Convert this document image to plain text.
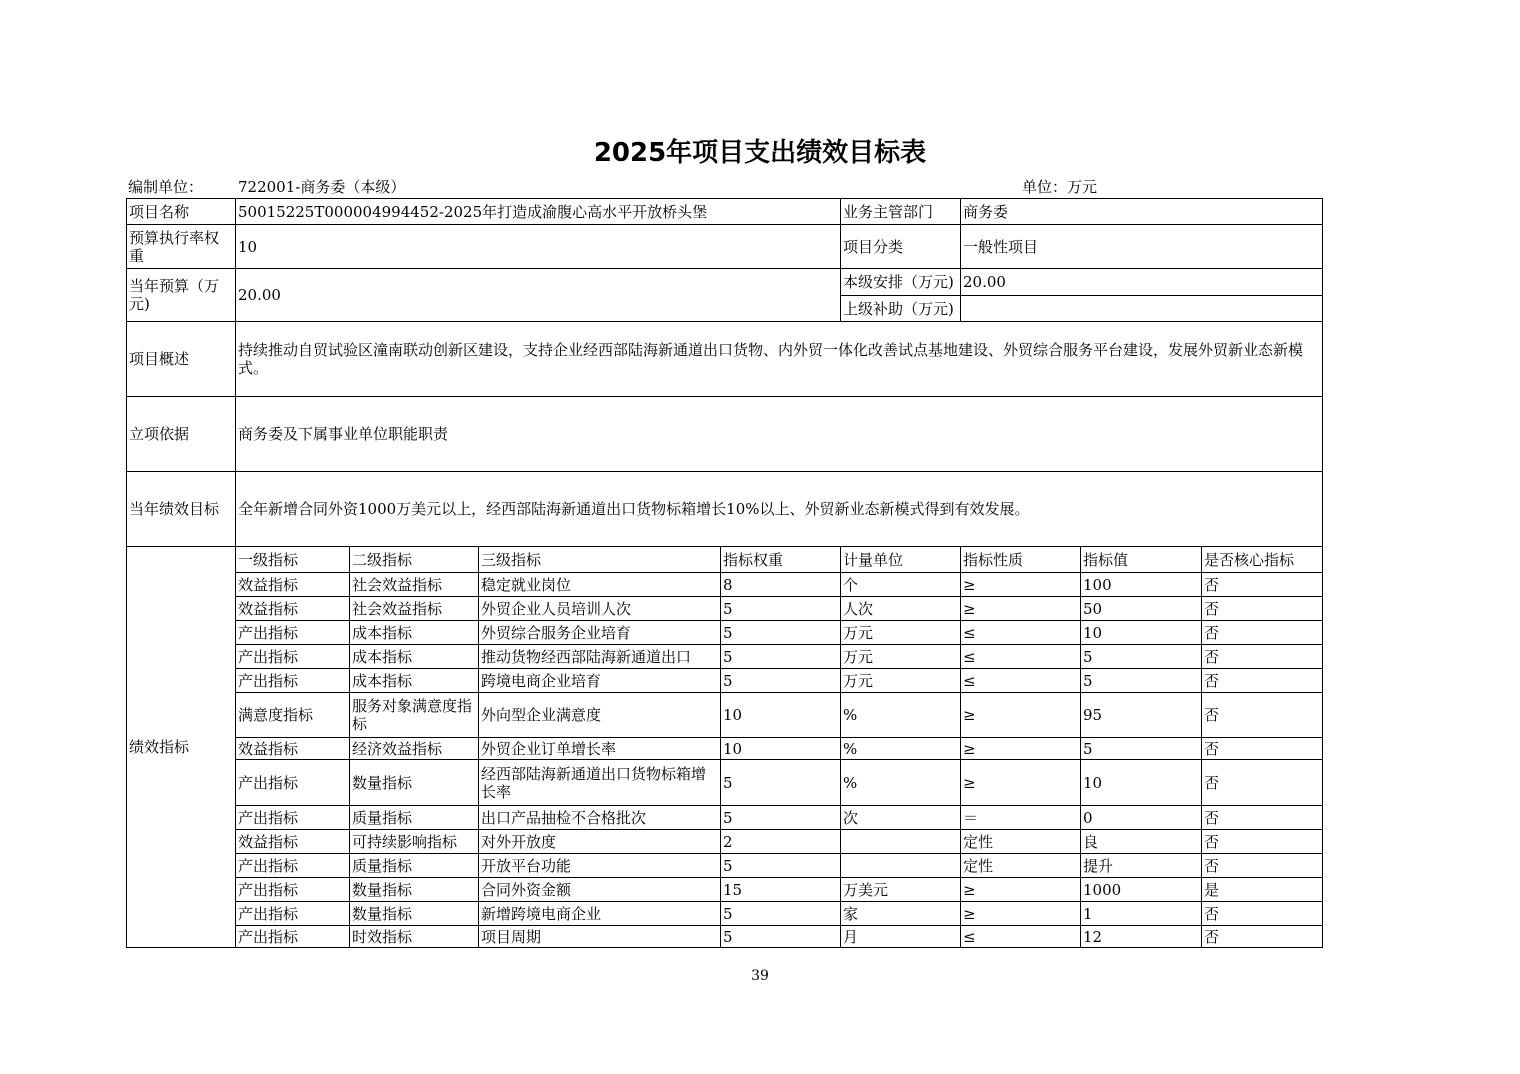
2025年项目支出绩效目标表
编制单位： 722001-商务委（本级）	单位：万元
项目名称	50015225T000004994452-2025年打造成渝腹心高水平开放桥头堡				业务主管部门	商务委		
预算执行率权重	10				项目分类	一般性项目		
当年预算（万元)	20.00				本级安排（万元)	20.00		
					上级补助（万元)			
项目概述	持续推动自贸试验区潼南联动创新区建设，支持企业经西部陆海新通道出口货物、内外贸一体化改善试点基地建设、外贸综合服务平台建设，发展外贸新业态新模式。							
立项依据	商务委及下属事业单位职能职责							
当年绩效目标	全年新增合同外资1000万美元以上，经西部陆海新通道出口货物标箱增长10%以上、外贸新业态新模式得到有效发展。							
绩效指标	一级指标	二级指标	三级指标	指标权重	计量单位	指标性质	指标值	是否核心指标
	效益指标	社会效益指标	稳定就业岗位	8	个	≥	100	否
	效益指标	社会效益指标	外贸企业人员培训人次	5	人次	≥	50	否
	产出指标	成本指标	外贸综合服务企业培育	5	万元	≤	10	否
	产出指标	成本指标	推动货物经西部陆海新通道出口	5	万元	≤	5	否
	产出指标	成本指标	跨境电商企业培育	5	万元	≤	5	否
	满意度指标	服务对象满意度指标	外向型企业满意度	10	%	≥	95	否
	效益指标	经济效益指标	外贸企业订单增长率	10	%	≥	5	否
	产出指标	数量指标	经西部陆海新通道出口货物标箱增长率	5	%	≥	10	否
	产出指标	质量指标	出口产品抽检不合格批次	5	次	＝	0	否
	效益指标	可持续影响指标	对外开放度	2		定性	良	否
	产出指标	质量指标	开放平台功能	5		定性	提升	否
	产出指标	数量指标	合同外资金额	15	万美元	≥	1000	是
	产出指标	数量指标	新增跨境电商企业	5	家	≥	1	否
	产出指标	时效指标	项目周期	5	月	≤	12	否
39
